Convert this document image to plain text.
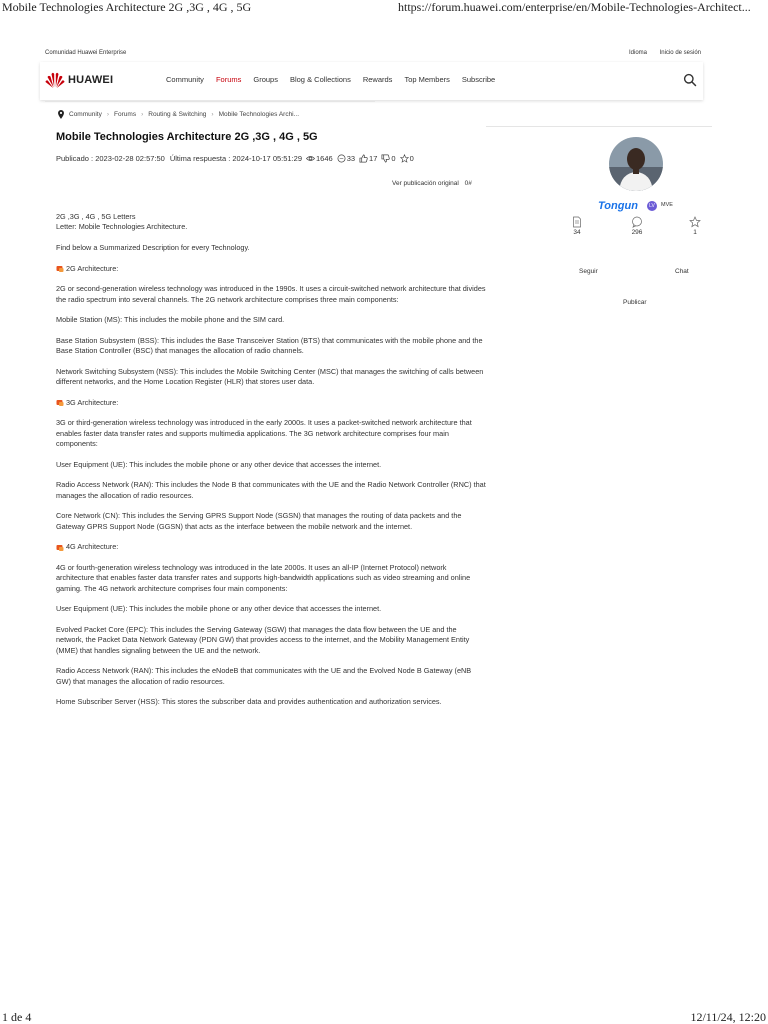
Mobile Technologies Architecture 2G ,3G , 4G , 5G	https://forum.huawei.com/enterprise/en/Mobile-Technologies-Architect...
1 de 4	12/11/24, 12:20
Comunidad Huawei Enterprise	Idioma Inicio de sesión
HUAWEI	Community Forums Groups Blog & Collections Rewards Top Members Subscribe
Community › Forums › Routing & Switching › Mobile Technologies Archi...
Mobile Technologies Architecture 2G ,3G , 4G , 5G
Publicado : 2023-02-28 02:57:50 Última respuesta : 2024-10-17 05:51:29 1646 33 17 0 0
Ver publicación original 0#

2G ,3G , 4G , 5G Letters

Letter: Mobile Technologies Architecture.

Find below a Summarized Description for every Technology.

2G Architecture:

2G or second-generation wireless technology was introduced in the 1990s. It uses a circuit-switched network architecture that divides the radio spectrum into several channels. The 2G network architecture comprises three main components:

Mobile Station (MS): This includes the mobile phone and the SIM card.

Base Station Subsystem (BSS): This includes the Base Transceiver Station (BTS) that communicates with the mobile phone and the Base Station Controller (BSC) that manages the allocation of radio channels.

Network Switching Subsystem (NSS): This includes the Mobile Switching Center (MSC) that manages the switching of calls between different networks, and the Home Location Register (HLR) that stores user data.

3G Architecture:

3G or third-generation wireless technology was introduced in the early 2000s. It uses a packet-switched network architecture that enables faster data transfer rates and supports multimedia applications. The 3G network architecture comprises four main components:

User Equipment (UE): This includes the mobile phone or any other device that accesses the internet.

Radio Access Network (RAN): This includes the Node B that communicates with the UE and the Radio Network Controller (RNC) that manages the allocation of radio resources.

Core Network (CN): This includes the Serving GPRS Support Node (SGSN) that manages the routing of data packets and the Gateway GPRS Support Node (GGSN) that acts as the interface between the mobile network and the internet.

4G Architecture:

4G or fourth-generation wireless technology was introduced in the late 2000s. It uses an all-IP (Internet Protocol) network architecture that enables faster data transfer rates and supports high-bandwidth applications such as video streaming and online gaming. The 4G network architecture comprises four main components:

User Equipment (UE): This includes the mobile phone or any other device that accesses the internet.

Evolved Packet Core (EPC): This includes the Serving Gateway (SGW) that manages the data flow between the UE and the network, the Packet Data Network Gateway (PDN GW) that provides access to the internet, and the Mobility Management Entity (MME) that handles signaling between the UE and the network.

Radio Access Network (RAN): This includes the eNodeB that communicates with the UE and the Evolved Node B Gateway (eNB GW) that manages the allocation of radio resources.

Home Subscriber Server (HSS): This stores the subscriber data and provides authentication and authorization services.

Tongun	LV	MVE
34	296	1
Seguir	Chat
Publicar
